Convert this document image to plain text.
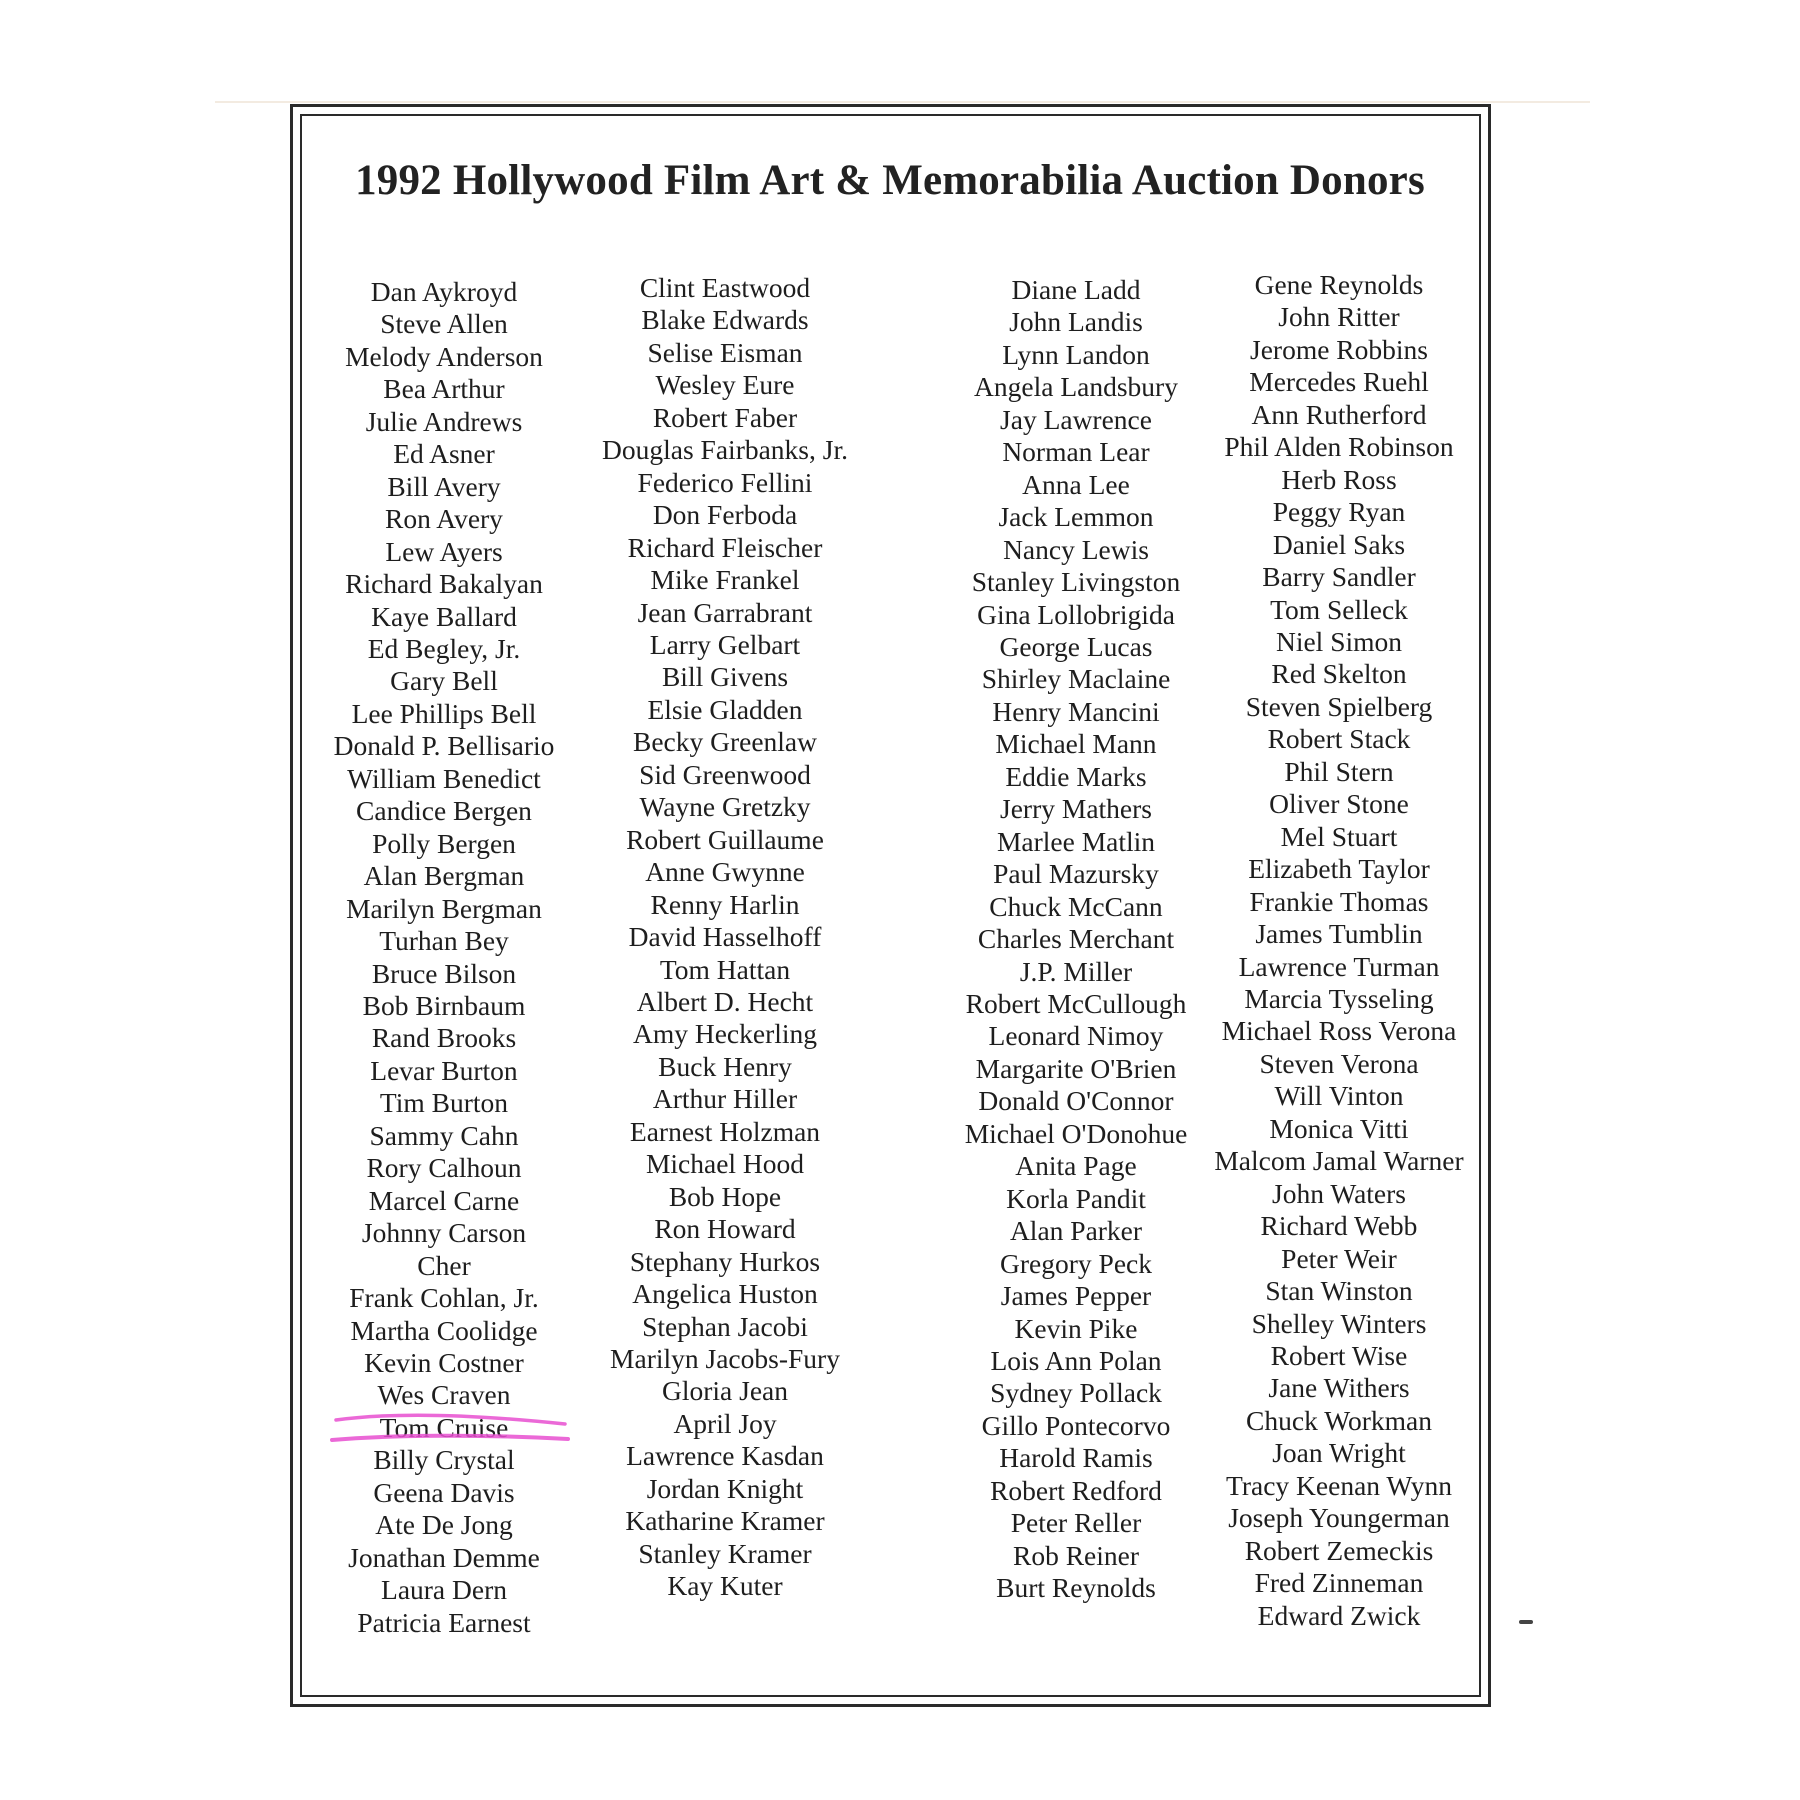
1992 Hollywood Film Art & Memorabilia Auction Donors
Dan Aykroyd
Steve Allen
Melody Anderson
Bea Arthur
Julie Andrews
Ed Asner
Bill Avery
Ron Avery
Lew Ayers
Richard Bakalyan
Kaye Ballard
Ed Begley, Jr.
Gary Bell
Lee Phillips Bell
Donald P. Bellisario
William Benedict
Candice Bergen
Polly Bergen
Alan Bergman
Marilyn Bergman
Turhan Bey
Bruce Bilson
Bob Birnbaum
Rand Brooks
Levar Burton
Tim Burton
Sammy Cahn
Rory Calhoun
Marcel Carne
Johnny Carson
Cher
Frank Cohlan, Jr.
Martha Coolidge
Kevin Costner
Wes Craven
Tom Cruise
Billy Crystal
Geena Davis
Ate De Jong
Jonathan Demme
Laura Dern
Patricia Earnest
Clint Eastwood
Blake Edwards
Selise Eisman
Wesley Eure
Robert Faber
Douglas Fairbanks, Jr.
Federico Fellini
Don Ferboda
Richard Fleischer
Mike Frankel
Jean Garrabrant
Larry Gelbart
Bill Givens
Elsie Gladden
Becky Greenlaw
Sid Greenwood
Wayne Gretzky
Robert Guillaume
Anne Gwynne
Renny Harlin
David Hasselhoff
Tom Hattan
Albert D. Hecht
Amy Heckerling
Buck Henry
Arthur Hiller
Earnest Holzman
Michael Hood
Bob Hope
Ron Howard
Stephany Hurkos
Angelica Huston
Stephan Jacobi
Marilyn Jacobs-Fury
Gloria Jean
April Joy
Lawrence Kasdan
Jordan Knight
Katharine Kramer
Stanley Kramer
Kay Kuter
Diane Ladd
John Landis
Lynn Landon
Angela Landsbury
Jay Lawrence
Norman Lear
Anna Lee
Jack Lemmon
Nancy Lewis
Stanley Livingston
Gina Lollobrigida
George Lucas
Shirley Maclaine
Henry Mancini
Michael Mann
Eddie Marks
Jerry Mathers
Marlee Matlin
Paul Mazursky
Chuck McCann
Charles Merchant
J.P. Miller
Robert McCullough
Leonard Nimoy
Margarite O'Brien
Donald O'Connor
Michael O'Donohue
Anita Page
Korla Pandit
Alan Parker
Gregory Peck
James Pepper
Kevin Pike
Lois Ann Polan
Sydney Pollack
Gillo Pontecorvo
Harold Ramis
Robert Redford
Peter Reller
Rob Reiner
Burt Reynolds
Gene Reynolds
John Ritter
Jerome Robbins
Mercedes Ruehl
Ann Rutherford
Phil Alden Robinson
Herb Ross
Peggy Ryan
Daniel Saks
Barry Sandler
Tom Selleck
Niel Simon
Red Skelton
Steven Spielberg
Robert Stack
Phil Stern
Oliver Stone
Mel Stuart
Elizabeth Taylor
Frankie Thomas
James Tumblin
Lawrence Turman
Marcia Tysseling
Michael Ross Verona
Steven Verona
Will Vinton
Monica Vitti
Malcom Jamal Warner
John Waters
Richard Webb
Peter Weir
Stan Winston
Shelley Winters
Robert Wise
Jane Withers
Chuck Workman
Joan Wright
Tracy Keenan Wynn
Joseph Youngerman
Robert Zemeckis
Fred Zinneman
Edward Zwick
